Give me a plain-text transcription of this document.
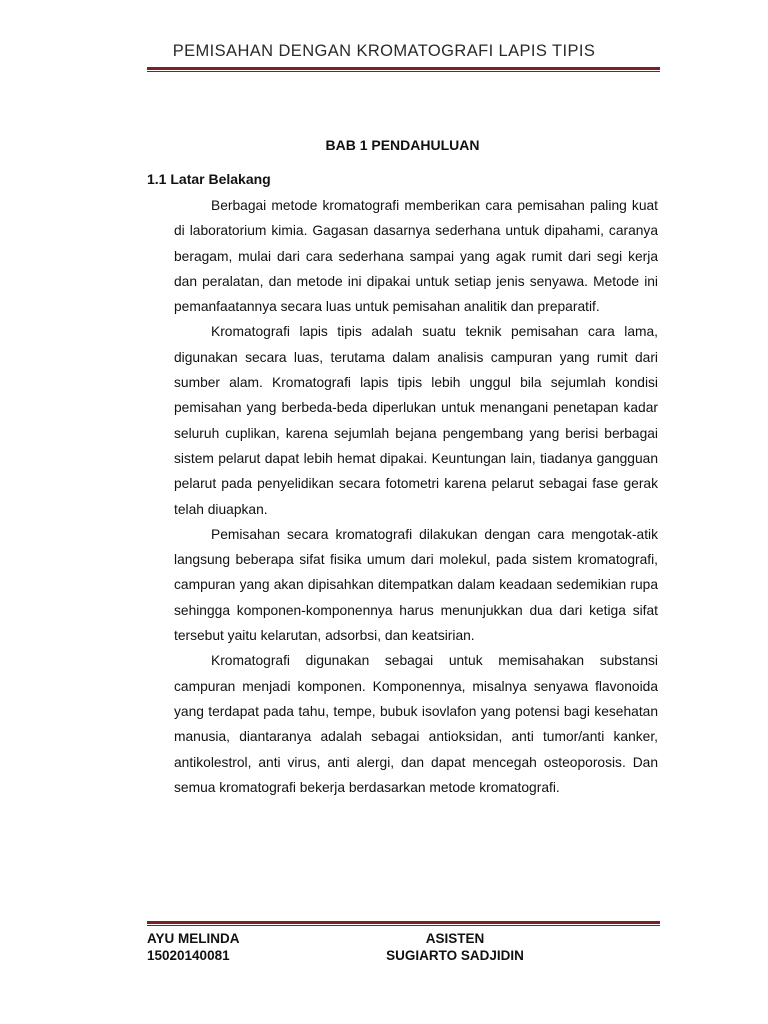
PEMISAHAN DENGAN KROMATOGRAFI LAPIS TIPIS
BAB 1 PENDAHULUAN
1.1 Latar Belakang

Berbagai metode kromatografi memberikan cara pemisahan paling kuat di laboratorium kimia. Gagasan dasarnya sederhana untuk dipahami, caranya beragam, mulai dari cara sederhana sampai yang agak rumit dari segi kerja dan peralatan, dan metode ini dipakai untuk setiap jenis senyawa. Metode ini pemanfaatannya secara luas untuk pemisahan analitik dan preparatif.

Kromatografi lapis tipis adalah suatu teknik pemisahan cara lama, digunakan secara luas, terutama dalam analisis campuran yang rumit dari sumber alam. Kromatografi lapis tipis lebih unggul bila sejumlah kondisi pemisahan yang berbeda-beda diperlukan untuk menangani penetapan kadar seluruh cuplikan, karena sejumlah bejana pengembang yang berisi berbagai sistem pelarut dapat lebih hemat dipakai. Keuntungan lain, tiadanya gangguan pelarut pada penyelidikan secara fotometri karena pelarut sebagai fase gerak telah diuapkan.

Pemisahan secara kromatografi dilakukan dengan cara mengotak-atik langsung beberapa sifat fisika umum dari molekul, pada sistem kromatografi, campuran yang akan dipisahkan ditempatkan dalam keadaan sedemikian rupa sehingga komponen-komponennya harus menunjukkan dua dari ketiga sifat tersebut yaitu kelarutan, adsorbsi, dan keatsirian.

Kromatografi digunakan sebagai untuk memisahakan substansi campuran menjadi komponen. Komponennya, misalnya senyawa flavonoida yang terdapat pada tahu, tempe, bubuk isovlafon yang potensi bagi kesehatan manusia, diantaranya adalah sebagai antioksidan, anti tumor/anti kanker, antikolestrol, anti virus, anti alergi, dan dapat mencegah osteoporosis. Dan semua kromatografi bekerja berdasarkan metode kromatografi.

AYU MELINDA
15020140081
ASISTEN
SUGIARTO SADJIDIN
